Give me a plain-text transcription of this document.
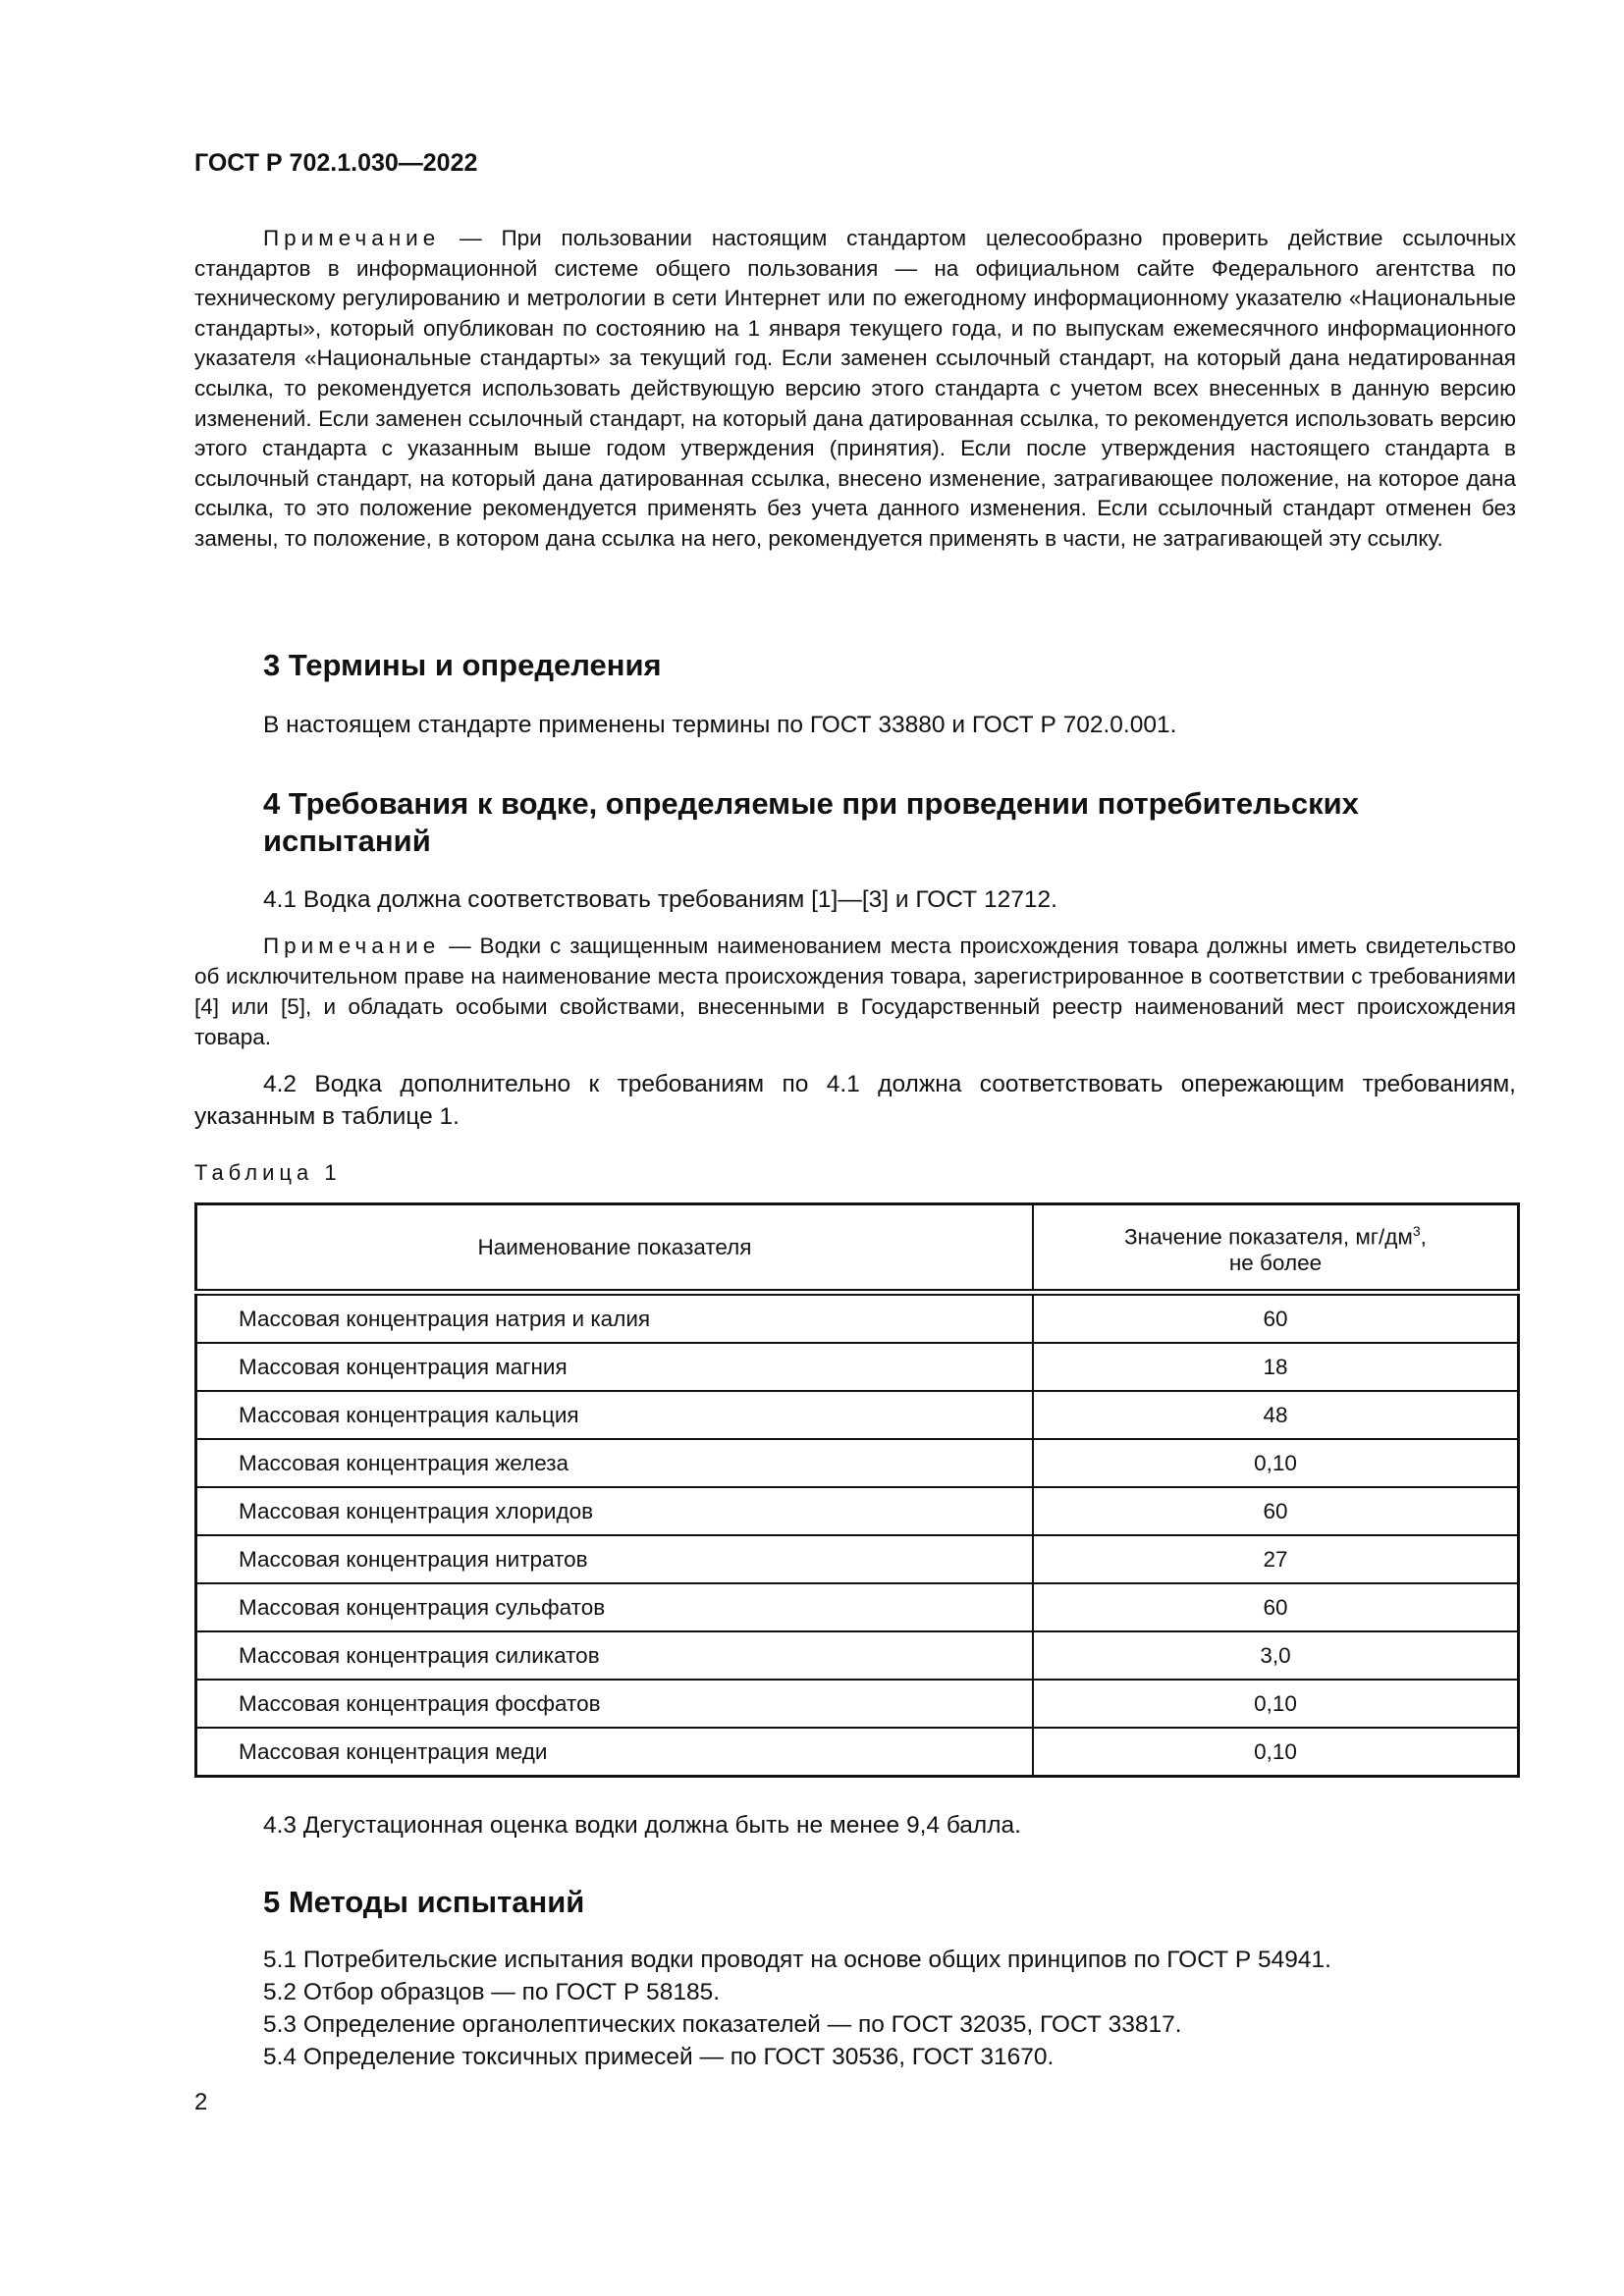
ГОСТ Р 702.1.030—2022
Примечание — При пользовании настоящим стандартом целесообразно проверить действие ссылочных стандартов в информационной системе общего пользования — на официальном сайте Федерального агентства по техническому регулированию и метрологии в сети Интернет или по ежегодному информационному указателю «Национальные стандарты», который опубликован по состоянию на 1 января текущего года, и по выпускам ежемесячного информационного указателя «Национальные стандарты» за текущий год. Если заменен ссылочный стандарт, на который дана недатированная ссылка, то рекомендуется использовать действующую версию этого стандарта с учетом всех внесенных в данную версию изменений. Если заменен ссылочный стандарт, на который дана датированная ссылка, то рекомендуется использовать версию этого стандарта с указанным выше годом утверждения (принятия). Если после утверждения настоящего стандарта в ссылочный стандарт, на который дана датированная ссылка, внесено изменение, затрагивающее положение, на которое дана ссылка, то это положение рекомендуется применять без учета данного изменения. Если ссылочный стандарт отменен без замены, то положение, в котором дана ссылка на него, рекомендуется применять в части, не затрагивающей эту ссылку.
3 Термины и определения
В настоящем стандарте применены термины по ГОСТ 33880 и ГОСТ Р 702.0.001.
4 Требования к водке, определяемые при проведении потребительских испытаний
4.1 Водка должна соответствовать требованиям [1]—[3] и ГОСТ 12712.
Примечание — Водки с защищенным наименованием места происхождения товара должны иметь свидетельство об исключительном праве на наименование места происхождения товара, зарегистрированное в соответствии с требованиями [4] или [5], и обладать особыми свойствами, внесенными в Государственный реестр наименований мест происхождения товара.
4.2 Водка дополнительно к требованиям по 4.1 должна соответствовать опережающим требованиям, указанным в таблице 1.
Таблица 1
Наименование показателя	Значение показателя, $мг/дм^3$,
не более
Массовая концентрация натрия и калия	60
Массовая концентрация магния	18
Массовая концентрация кальция	48
Массовая концентрация железа	0,10
Массовая концентрация хлоридов	60
Массовая концентрация нитратов	27
Массовая концентрация сульфатов	60
Массовая концентрация силикатов	3,0
Массовая концентрация фосфатов	0,10
Массовая концентрация меди	0,10
4.3 Дегустационная оценка водки должна быть не менее 9,4 балла.
5 Методы испытаний
5.1 Потребительские испытания водки проводят на основе общих принципов по ГОСТ Р 54941.
5.2 Отбор образцов — по ГОСТ Р 58185.
5.3 Определение органолептических показателей — по ГОСТ 32035, ГОСТ 33817.
5.4 Определение токсичных примесей — по ГОСТ 30536, ГОСТ 31670.
2
